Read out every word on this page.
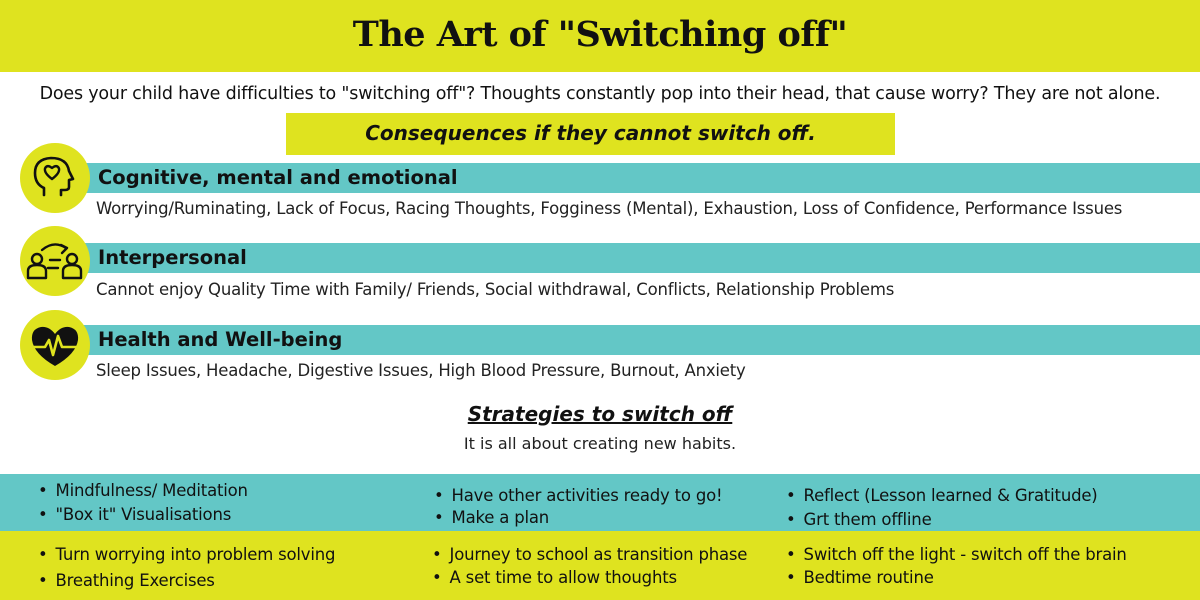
The Art of "Switching off"
Does your child have difficulties to "switching off"? Thoughts constantly pop into their head, that cause worry? They are not alone.
Consequences if they cannot switch off.
Cognitive, mental and emotional
Worrying/Ruminating, Lack of Focus, Racing Thoughts, Fogginess (Mental), Exhaustion, Loss of Confidence, Performance Issues
Interpersonal
Cannot enjoy Quality Time with Family/ Friends, Social withdrawal, Conflicts, Relationship Problems
Health and Well-being
Sleep Issues, Headache, Digestive Issues, High Blood Pressure, Burnout, Anxiety
Strategies to switch off
It is all about creating new habits.
• Mindfulness/ Meditation
• "Box it" Visualisations
• Have other activities ready to go!
• Make a plan
• Reflect (Lesson learned & Gratitude)
• Grt them offline
• Turn worrying into problem solving
• Breathing Exercises
• Journey to school as transition phase
• A set time to allow thoughts
• Switch off the light - switch off the brain
• Bedtime routine
